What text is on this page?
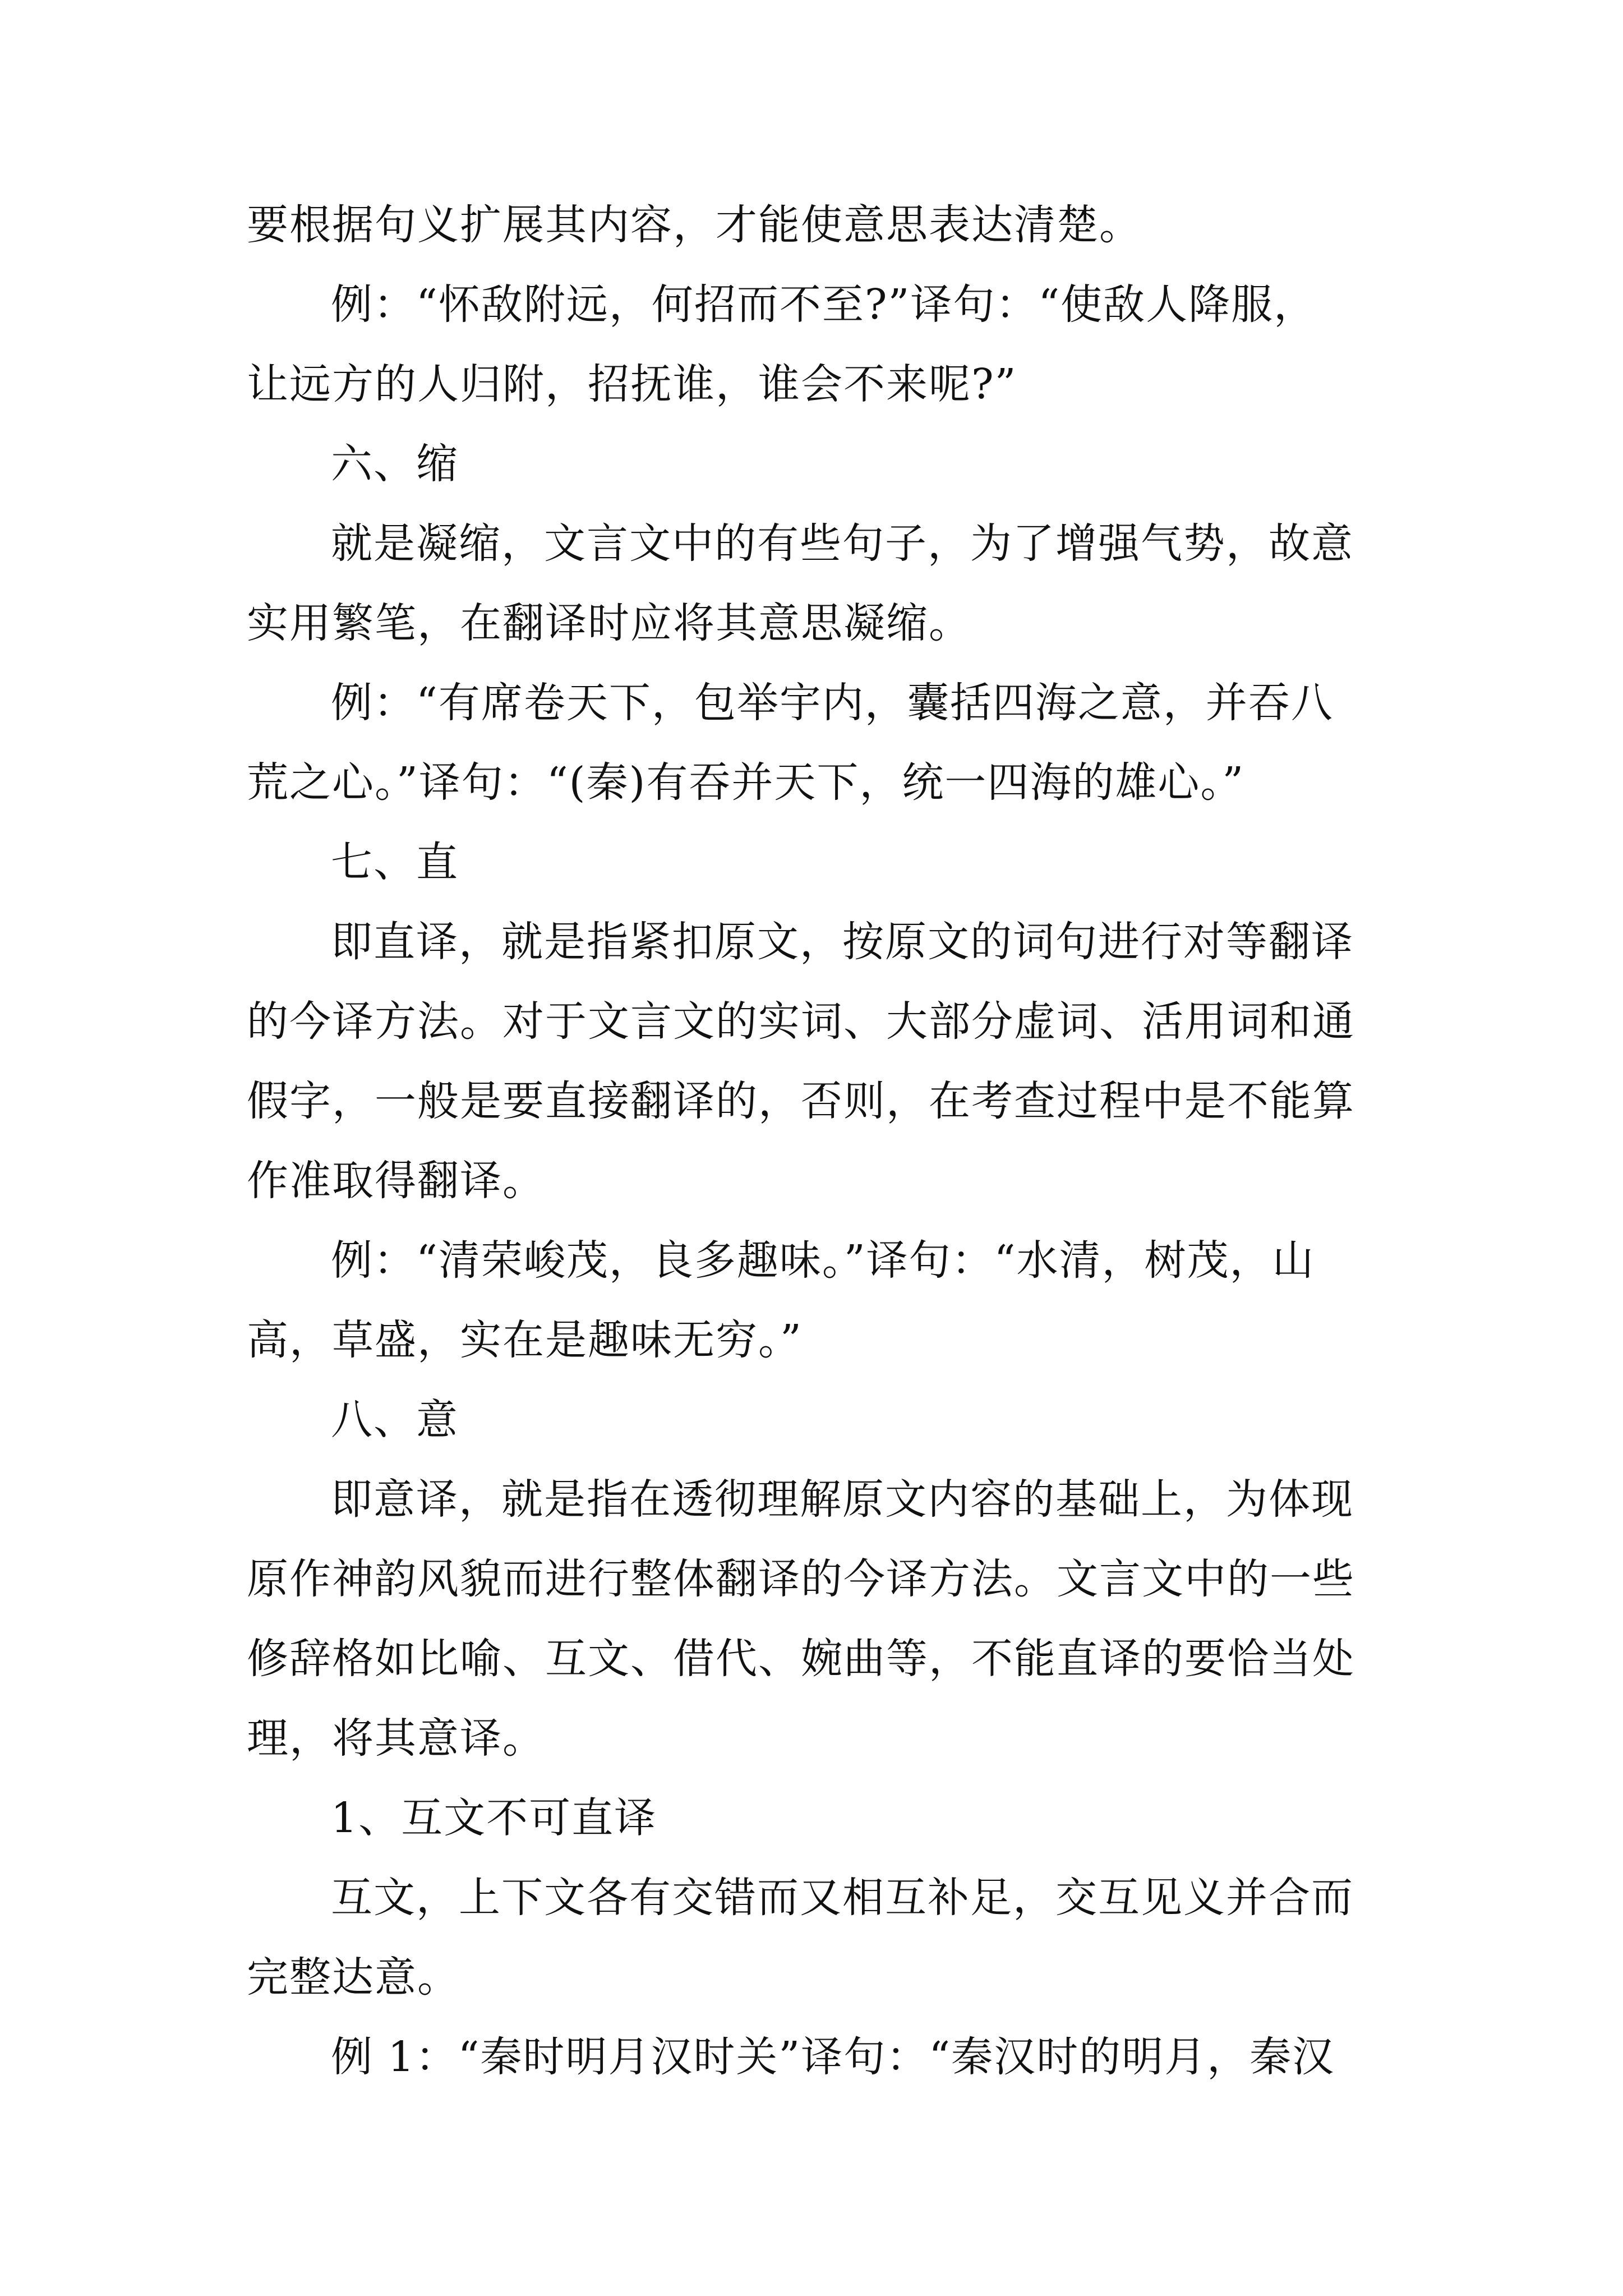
要根据句义扩展其内容，才能使意思表达清楚。
例：“怀敌附远，何招而不至?”译句：“使敌人降服，
让远方的人归附，招抚谁，谁会不来呢?”
六、缩
就是凝缩，文言文中的有些句子，为了增强气势，故意
实用繁笔，在翻译时应将其意思凝缩。
例：“有席卷天下，包举宇内，囊括四海之意，并吞八
荒之心。”译句：“(秦)有吞并天下，统一四海的雄心。”
七、直
即直译，就是指紧扣原文，按原文的词句进行对等翻译
的今译方法。对于文言文的实词、大部分虚词、活用词和通
假字，一般是要直接翻译的，否则，在考查过程中是不能算
作准取得翻译。
例：“清荣峻茂，良多趣味。”译句：“水清，树茂，山
高，草盛，实在是趣味无穷。”
八、意
即意译，就是指在透彻理解原文内容的基础上，为体现
原作神韵风貌而进行整体翻译的今译方法。文言文中的一些
修辞格如比喻、互文、借代、婉曲等，不能直译的要恰当处
理，将其意译。
1、互文不可直译
互文，上下文各有交错而又相互补足，交互见义并合而
完整达意。
例 1：“秦时明月汉时关”译句：“秦汉时的明月，秦汉
